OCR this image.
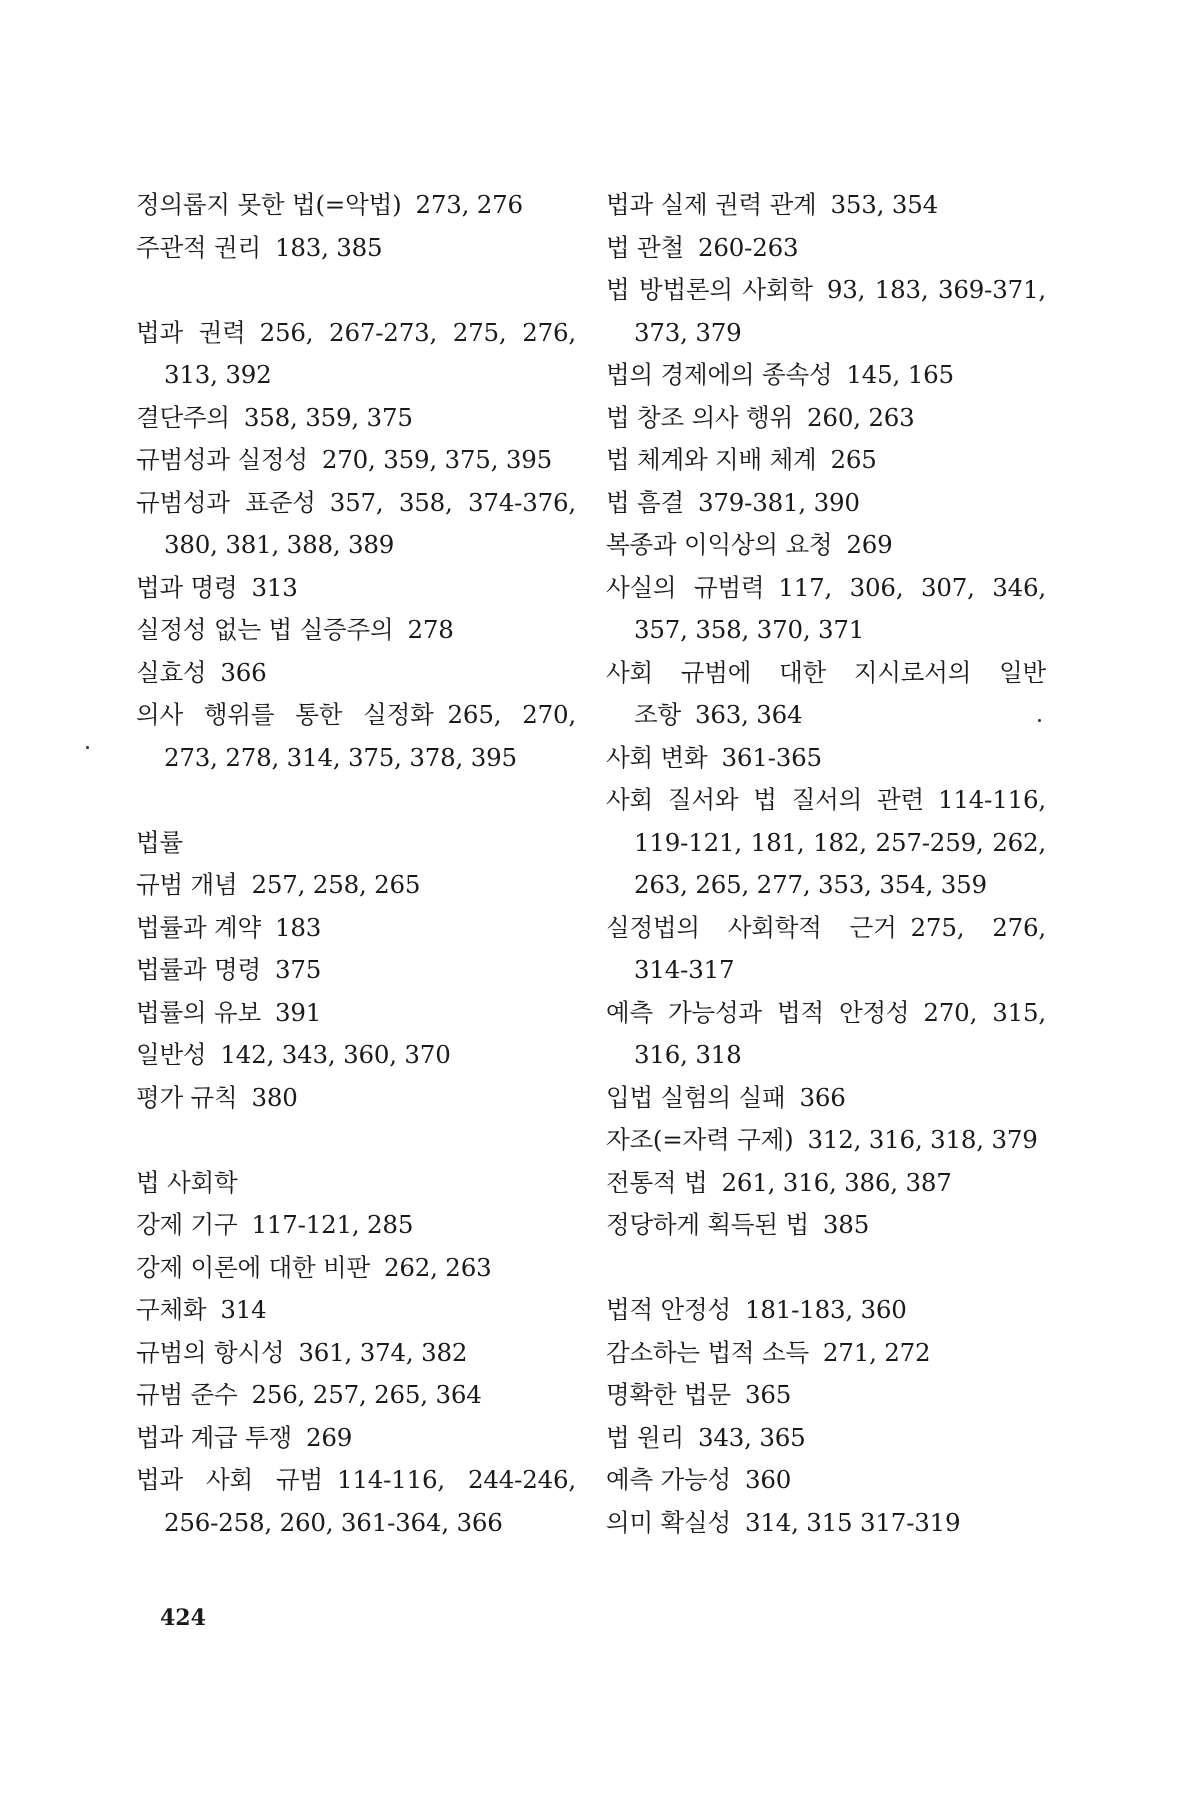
정의롭지 못한 법(=악법) 273, 276
주관적 권리 183, 385
법과 권력 256, 267-273, 275, 276, 313, 392
결단주의 358, 359, 375
규범성과 실정성 270, 359, 375, 395
규범성과 표준성 357, 358, 374-376, 380, 381, 388, 389
법과 명령 313
실정성 없는 법 실증주의 278
실효성 366
의사 행위를 통한 실정화 265, 270, 273, 278, 314, 375, 378, 395
법률
규범 개념 257, 258, 265
법률과 계약 183
법률과 명령 375
법률의 유보 391
일반성 142, 343, 360, 370
평가 규칙 380
법 사회학
강제 기구 117-121, 285
강제 이론에 대한 비판 262, 263
구체화 314
규범의 항시성 361, 374, 382
규범 준수 256, 257, 265, 364
법과 계급 투쟁 269
법과 사회 규범 114-116, 244-246, 256-258, 260, 361-364, 366
법과 실제 권력 관계 353, 354
법 관철 260-263
법 방법론의 사회학 93, 183, 369-371, 373, 379
법의 경제에의 종속성 145, 165
법 창조 의사 행위 260, 263
법 체계와 지배 체계 265
법 흠결 379-381, 390
복종과 이익상의 요청 269
사실의 규범력 117, 306, 307, 346, 357, 358, 370, 371
사회 규범에 대한 지시로서의 일반 조항 363, 364
사회 변화 361-365
사회 질서와 법 질서의 관련 114-116, 119-121, 181, 182, 257-259, 262, 263, 265, 277, 353, 354, 359
실정법의 사회학적 근거 275, 276, 314-317
예측 가능성과 법적 안정성 270, 315, 316, 318
입법 실험의 실패 366
자조(=자력 구제) 312, 316, 318, 379
전통적 법 261, 316, 386, 387
정당하게 획득된 법 385
법적 안정성 181-183, 360
감소하는 법적 소득 271, 272
명확한 법문 365
법 원리 343, 365
예측 가능성 360
의미 확실성 314, 315 317-319
424
